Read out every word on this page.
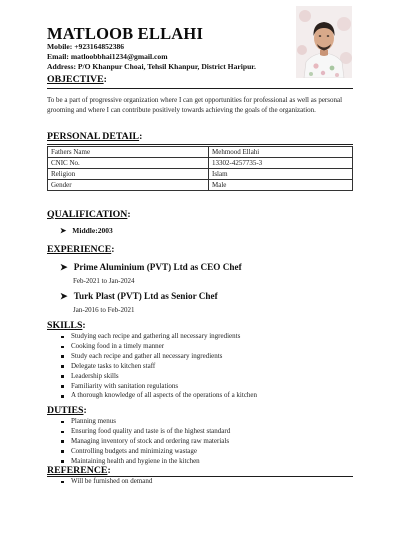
MATLOOB ELLAHI
Mobile: +923164852386
Email: matloobbhai1234@gmail.com
Address: P/O Khanpur Choai, Tehsil Khanpur, District Haripur.
OBJECTIVE:
To be a part of progressive organization where I can get opportunities for professional as well as personal grooming and where I can contribute positively towards achieving the goals of the organization.
PERSONAL DETAIL:
Fathers Name	Mehmood Ellahi
CNIC No.	13302-4257735-3
Religion	Islam
Gender	Male
QUALIFICATION:
➤ Middle:2003
EXPERIENCE:
➤ Prime Aluminium (PVT) Ltd as CEO Chef
Feb-2021 to Jan-2024
➤ Turk Plast (PVT) Ltd as Senior Chef
Jan-2016 to Feb-2021
SKILLS:
Studying each recipe and gathering all necessary ingredients
Cooking food in a timely manner
Study each recipe and gather all necessary ingredients
Delegate tasks to kitchen staff
Leadership skills
Familiarity with sanitation regulations
A thorough knowledge of all aspects of the operations of a kitchen
DUTIES:
Planning menus
Ensuring food quality and taste is of the highest standard
Managing inventory of stock and ordering raw materials
Controlling budgets and minimizing wastage
Maintaining health and hygiene in the kitchen
REFERENCE:
Will be furnished on demand
